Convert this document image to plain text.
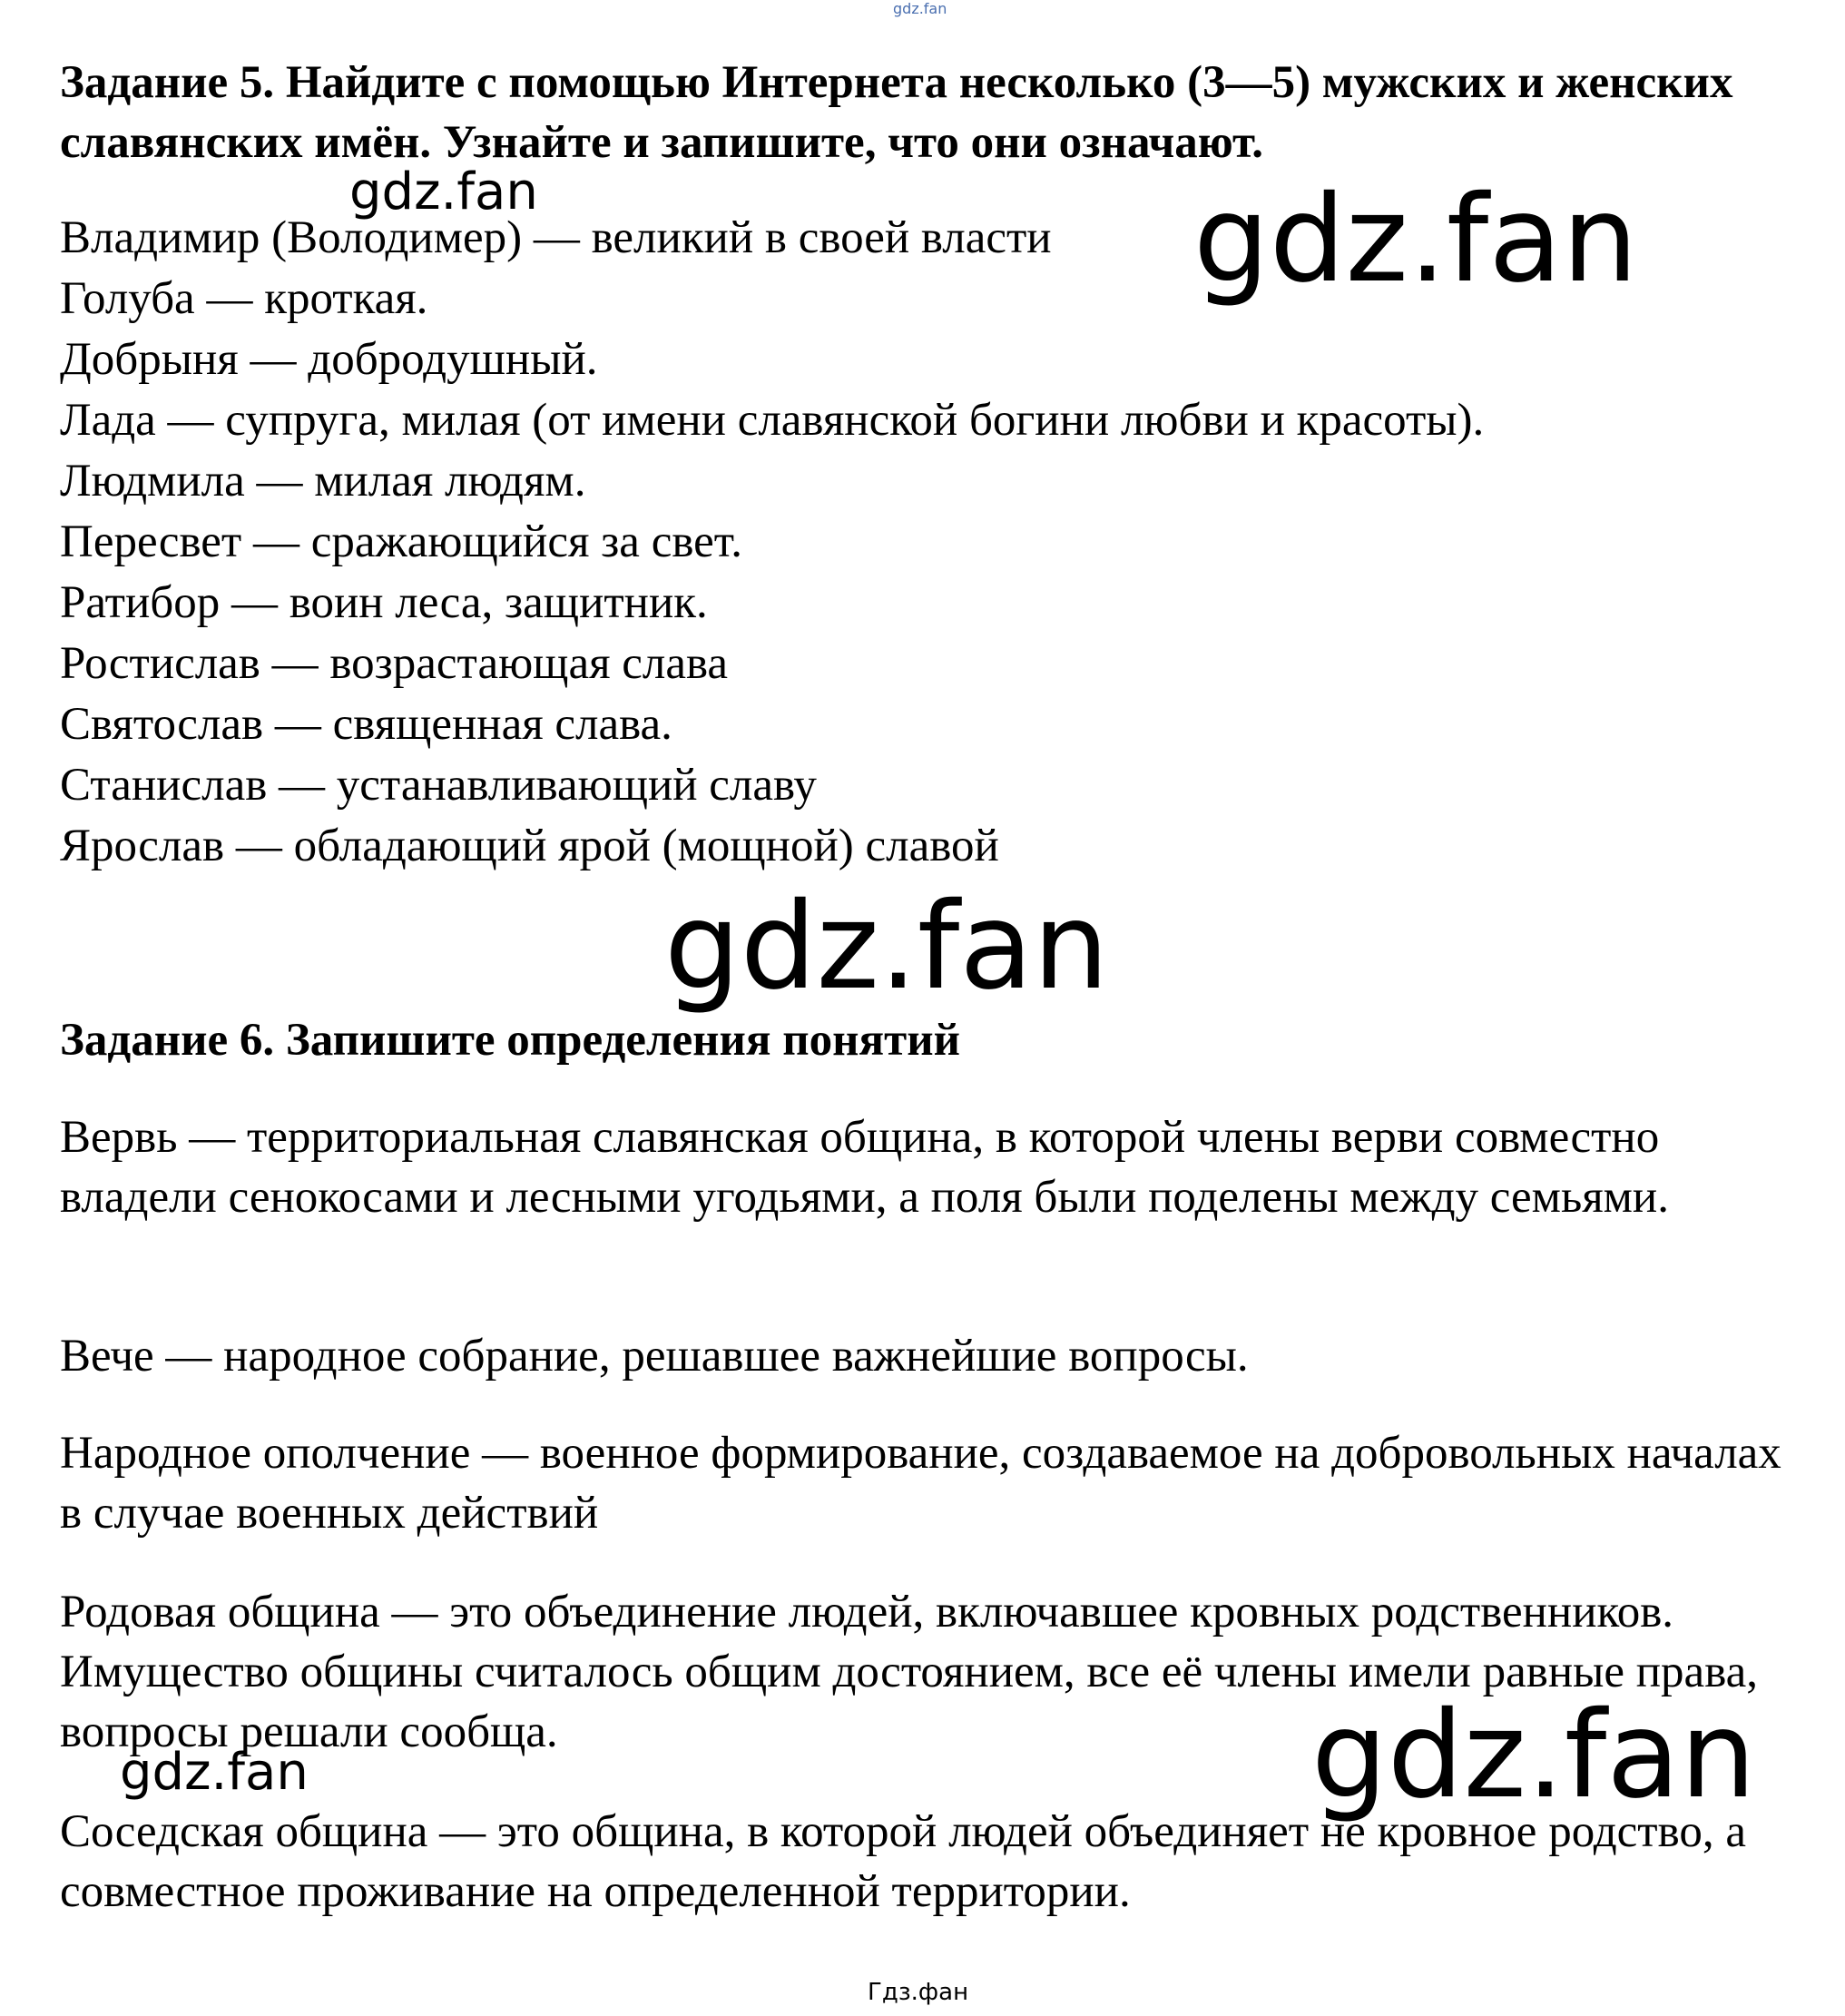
gdz.fan
Задание 5. Найдите с помощью Интернета несколько (3—5) мужских и женских славянских имён. Узнайте и запишите, что они означают.
Владимир (Володимер) — великий в своей власти
Голуба — кроткая.
Добрыня — добродушный.
Лада — супруга, милая (от имени славянской богини любви и красоты).
Людмила — милая людям.
Пересвет — сражающийся за свет.
Ратибор — воин леса, защитник.
Ростислав — возрастающая слава
Святослав — священная слава.
Станислав — устанавливающий славу
Ярослав — обладающий ярой (мощной) славой
Задание 6. Запишите определения понятий

Вервь — территориальная славянская община, в которой члены верви совместно владели сенокосами и лесными угодьями, а поля были поделены между семьями.

Вече — народное собрание, решавшее важнейшие вопросы.

Народное ополчение — военное формирование, создаваемое на добровольных началах в случае военных действий

Родовая община — это объединение людей, включавшее кровных родственников. Имущество общины считалось общим достоянием, все её члены имели равные права, вопросы решали сообща.

Соседская община — это община, в которой людей объединяет не кровное родство, а совместное проживание на определенной территории.

gdz.fan	gdz.fan
gdz.fan
gdz.fan	gdz.fan
Гдз.фан
